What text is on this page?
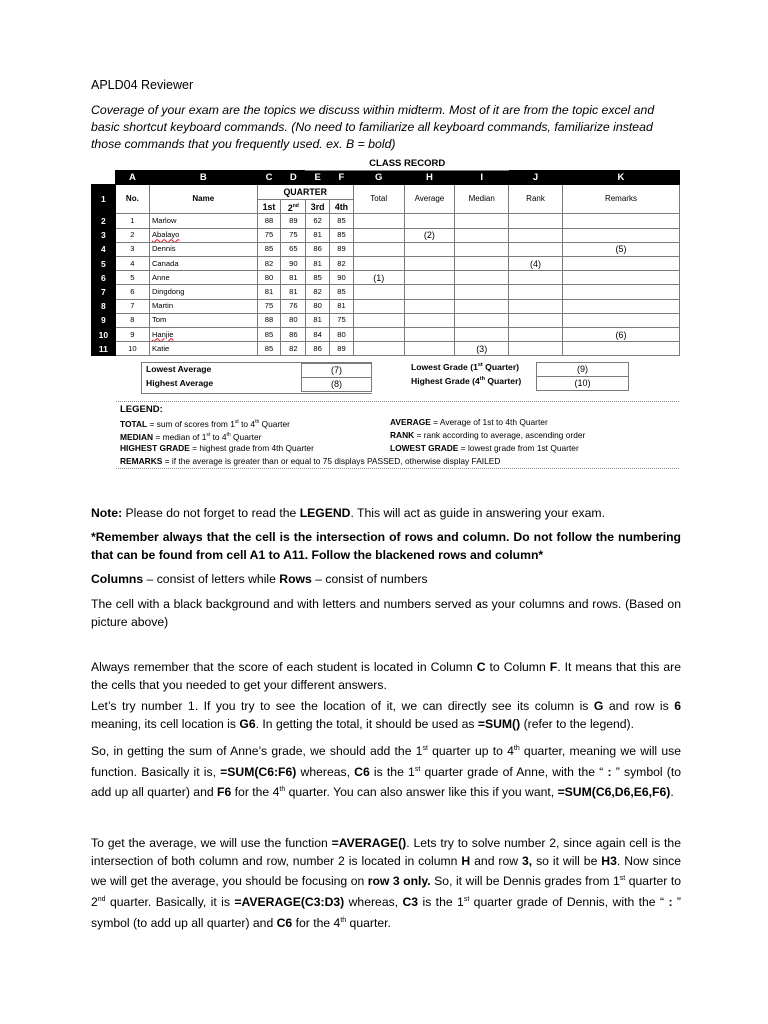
APLD04 Reviewer
Coverage of your exam are the topics we discuss within midterm. Most of it are from the topic excel and basic shortcut keyboard commands. (No need to familiarize all keyboard commands, familiarize instead those commands that you frequently used. ex. B = bold)
					CLASS RECORD						
	A	B	C	D	E	F	G	H	I	J	K
1	No.	Name	QUARTER				Total	Average	Median	Rank	Remarks
			1st	2nd	3rd	4th					
2	1	Marlow	88	89	62	85					
3	2	Abalayo	75	75	81	85		(2)			
4	3	Dennis	85	65	86	89					(5)
5	4	Canada	82	90	81	82				(4)	
6	5	Anne	80	81	85	90	(1)				
7	6	Dingdong	81	81	82	85					
8	7	Martin	75	76	80	81					
9	8	Tom	88	80	81	75					
10	9	Hanjie	85	86	84	80					(6)
11	10	Katie	85	82	86	89			(3)		
Lowest Average	(7)
Highest Average	(8)
Lowest Grade (1st Quarter)	(9)
Highest Grade (4th Quarter)	(10)
LEGEND:
TOTAL = sum of scores from 1st to 4th Quarter	AVERAGE = Average of 1st to 4th Quarter
MEDIAN = median of 1st to 4th Quarter	RANK = rank according to average, ascending order
HIGHEST GRADE = highest grade from 4th Quarter	LOWEST GRADE = lowest grade from 1st Quarter
REMARKS = if the average is greater than or equal to 75 displays PASSED, otherwise display FAILED
Note: Please do not forget to read the LEGEND. This will act as guide in answering your exam.
*Remember always that the cell is the intersection of rows and column. Do not follow the numbering that can be found from cell A1 to A11. Follow the blackened rows and column*
Columns – consist of letters while Rows – consist of numbers
The cell with a black background and with letters and numbers served as your columns and rows. (Based on picture above)
Always remember that the score of each student is located in Column C to Column F. It means that this are the cells that you needed to get your different answers.
Let’s try number 1. If you try to see the location of it, we can directly see its column is G and row is 6 meaning, its cell location is G6. In getting the total, it should be used as =SUM() (refer to the legend).
So, in getting the sum of Anne’s grade, we should add the 1st quarter up to 4th quarter, meaning we will use function. Basically it is, =SUM(C6:F6) whereas, C6 is the 1st quarter grade of Anne, with the “ : ” symbol (to add up all quarter) and F6 for the 4th quarter. You can also answer like this if you want, =SUM(C6,D6,E6,F6).
To get the average, we will use the function =AVERAGE(). Lets try to solve number 2, since again cell is the intersection of both column and row, number 2 is located in column H and row 3, so it will be H3. Now since we will get the average, you should be focusing on row 3 only. So, it will be Dennis grades from 1st quarter to 2nd quarter. Basically, it is =AVERAGE(C3:D3) whereas, C3 is the 1st quarter grade of Dennis, with the “ : ” symbol (to add up all quarter) and C6 for the 4th quarter.
